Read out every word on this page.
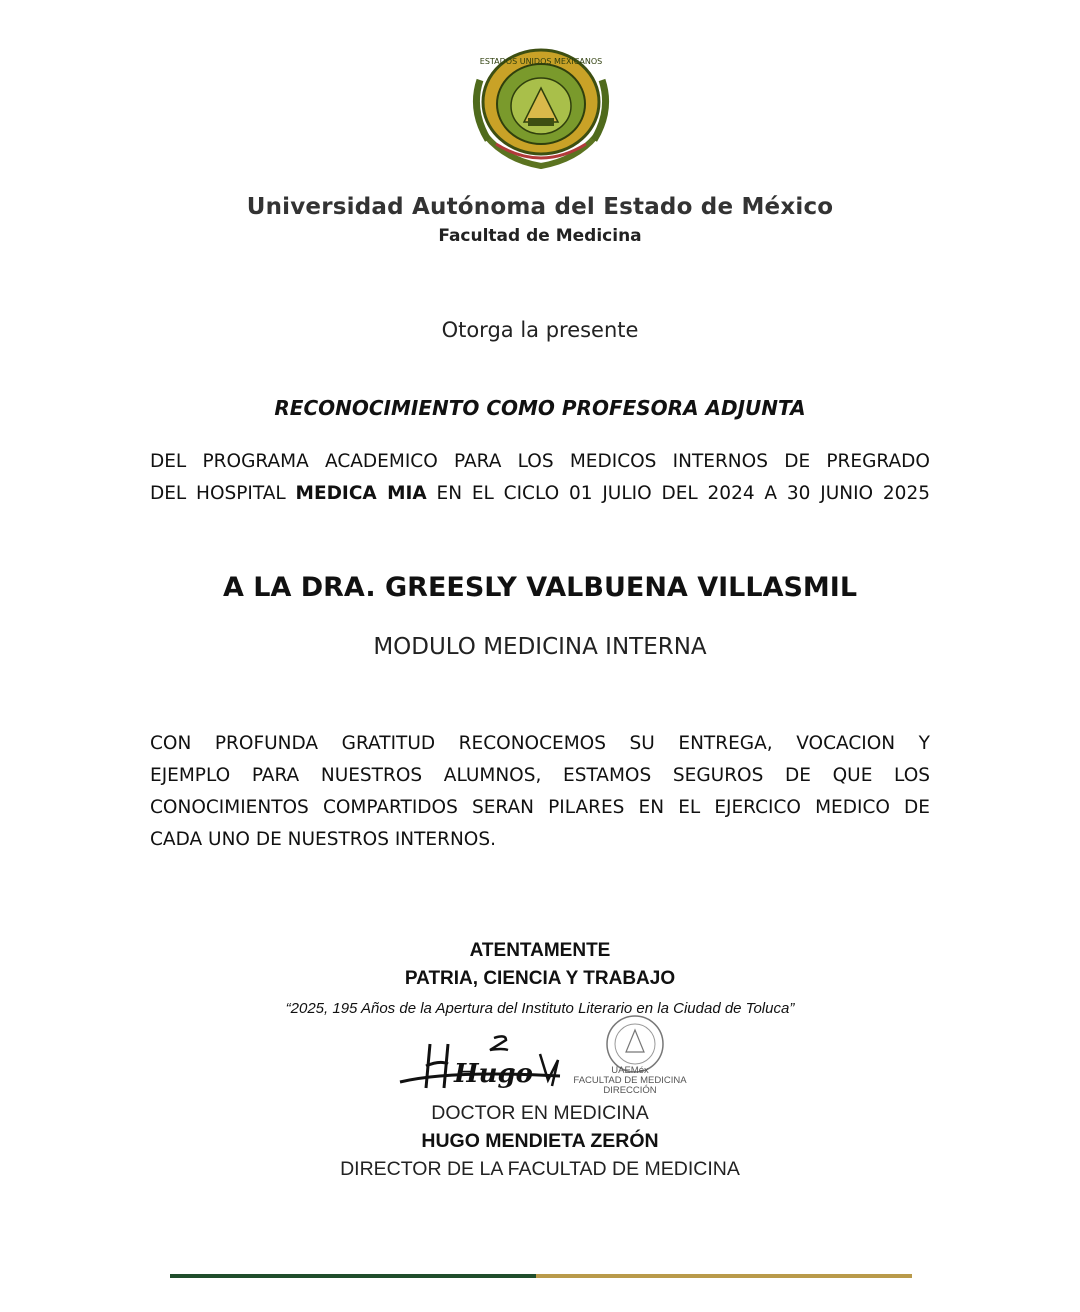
ESTADOS UNIDOS MEXICANOS
Universidad Autónoma del Estado de México
Facultad de Medicina
Otorga la presente
RECONOCIMIENTO COMO PROFESORA ADJUNTA
DEL PROGRAMA ACADEMICO PARA LOS MEDICOS INTERNOS DE PREGRADO
DEL HOSPITAL MEDICA MIA EN EL CICLO 01 JULIO DEL 2024 A 30 JUNIO 2025
A LA DRA. GREESLY VALBUENA VILLASMIL
MODULO MEDICINA INTERNA
CON PROFUNDA GRATITUD RECONOCEMOS SU ENTREGA, VOCACION Y
EJEMPLO PARA NUESTROS ALUMNOS, ESTAMOS SEGUROS DE QUE LOS
CONOCIMIENTOS COMPARTIDOS SERAN PILARES EN EL EJERCICO MEDICO DE
CADA UNO DE NUESTROS INTERNOS.
ATENTAMENTE
PATRIA, CIENCIA Y TRABAJO
“2025, 195 Años de la Apertura del Instituto Literario en la Ciudad de Toluca”
Hugo	UAEMéx
FACULTAD DE MEDICINA
DIRECCIÓN
DOCTOR EN MEDICINA
HUGO MENDIETA ZERÓN
DIRECTOR DE LA FACULTAD DE MEDICINA
